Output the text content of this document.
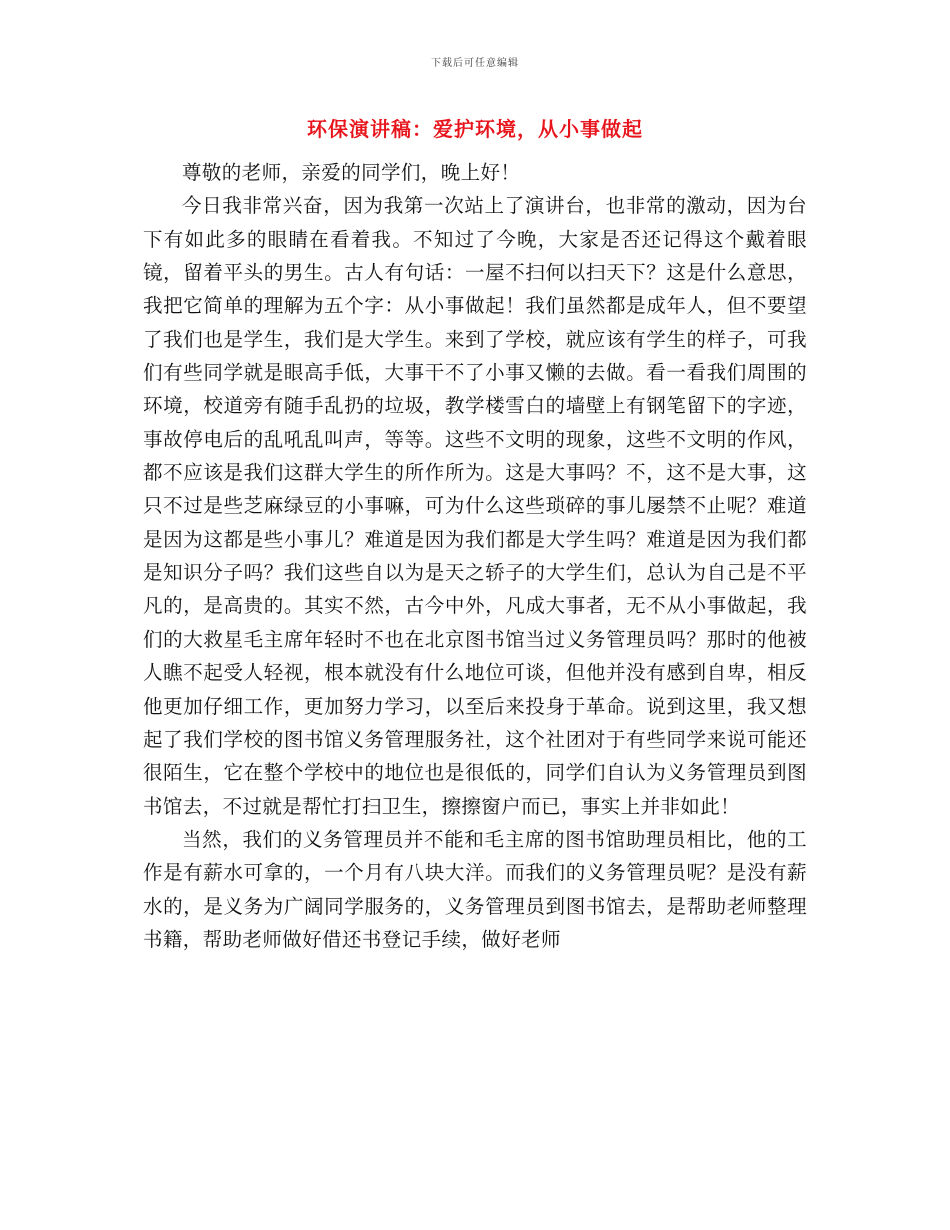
下载后可任意编辑
环保演讲稿：爱护环境，从小事做起

尊敬的老师，亲爱的同学们，晚上好！

今日我非常兴奋，因为我第一次站上了演讲台，也非常的激动，因为台下有如此多的眼睛在看着我。不知过了今晚，大家是否还记得这个戴着眼镜，留着平头的男生。古人有句话：一屋不扫何以扫天下？这是什么意思，我把它简单的理解为五个字：从小事做起！我们虽然都是成年人，但不要望了我们也是学生，我们是大学生。来到了学校，就应该有学生的样子，可我们有些同学就是眼高手低，大事干不了小事又懒的去做。看一看我们周围的环境，校道旁有随手乱扔的垃圾，教学楼雪白的墙壁上有钢笔留下的字迹，事故停电后的乱吼乱叫声，等等。这些不文明的现象，这些不文明的作风，都不应该是我们这群大学生的所作所为。这是大事吗？不，这不是大事，这只不过是些芝麻绿豆的小事嘛，可为什么这些琐碎的事儿屡禁不止呢？难道是因为这都是些小事儿？难道是因为我们都是大学生吗？难道是因为我们都是知识分子吗？我们这些自以为是天之轿子的大学生们，总认为自己是不平凡的，是高贵的。其实不然，古今中外，凡成大事者，无不从小事做起，我们的大救星毛主席年轻时不也在北京图书馆当过义务管理员吗？那时的他被人瞧不起受人轻视，根本就没有什么地位可谈，但他并没有感到自卑，相反他更加仔细工作，更加努力学习，以至后来投身于革命。说到这里，我又想起了我们学校的图书馆义务管理服务社，这个社团对于有些同学来说可能还很陌生，它在整个学校中的地位也是很低的，同学们自认为义务管理员到图书馆去，不过就是帮忙打扫卫生，擦擦窗户而已，事实上并非如此！

当然，我们的义务管理员并不能和毛主席的图书馆助理员相比，他的工作是有薪水可拿的，一个月有八块大洋。而我们的义务管理员呢？是没有薪水的，是义务为广阔同学服务的，义务管理员到图书馆去，是帮助老师整理书籍，帮助老师做好借还书登记手续，做好老师
